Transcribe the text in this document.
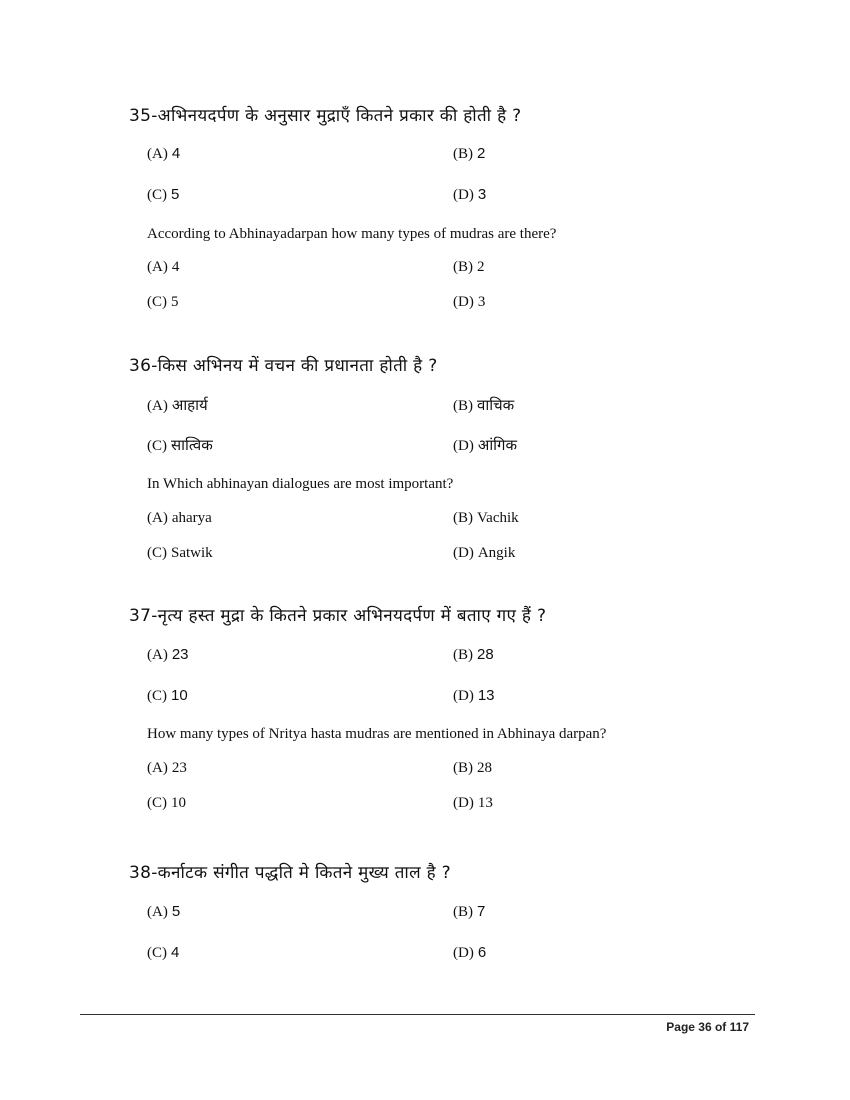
35-अभिनयदर्पण के अनुसार मुद्राएँ कितने प्रकार की होती है ?
(A) 4	(B) 2
(C) 5	(D) 3
According to Abhinayadarpan how many types of mudras are there?
(A) 4	(B) 2
(C) 5	(D) 3
36-किस अभिनय में वचन की प्रधानता होती है ?
(A) आहार्य	(B) वाचिक
(C) सात्विक	(D) आंगिक
In Which abhinayan dialogues are most important?
(A) aharya	(B) Vachik
(C) Satwik	(D) Angik
37-नृत्य हस्त मुद्रा के कितने प्रकार अभिनयदर्पण में बताए गए हैं ?
(A) 23	(B) 28
(C) 10	(D) 13
How many types of Nritya hasta mudras are mentioned in Abhinaya darpan?
(A) 23	(B) 28
(C) 10	(D) 13
38-कर्नाटक संगीत पद्धति मे कितने मुख्य ताल है ?
(A) 5	(B) 7
(C) 4	(D) 6
Page 36 of 117
